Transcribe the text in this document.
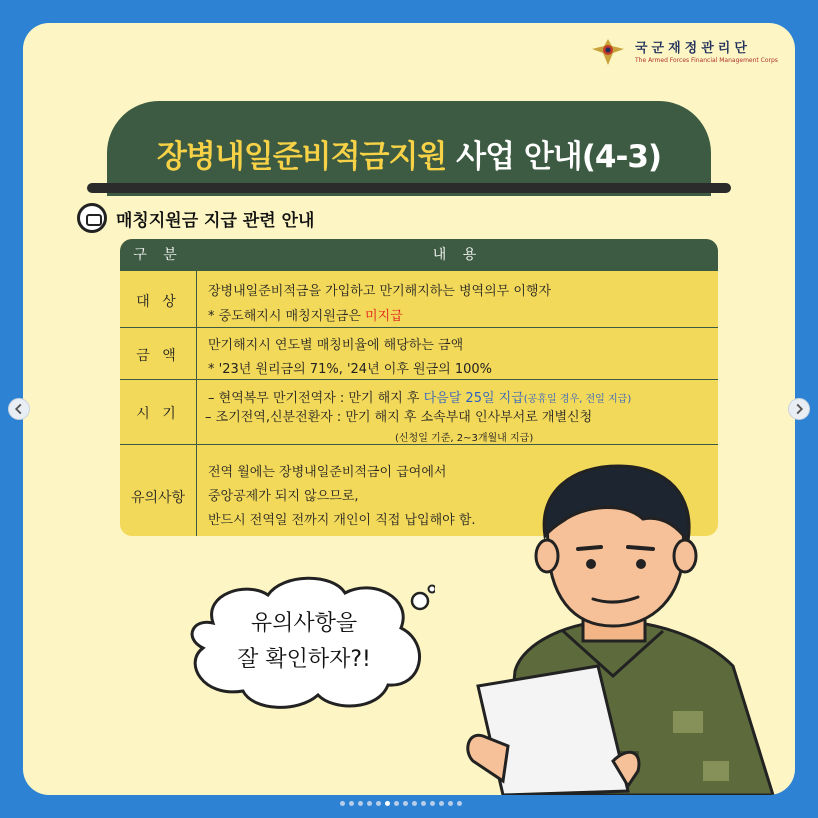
국군재정관리단
The Armed Forces Financial Management Corps
장병내일준비적금지원 사업 안내(4-3)
매칭지원금 지급 관련 안내
구 분	내 용
대 상
장병내일준비적금을 가입하고 만기해지하는 병역의무 이행자
* 중도해지시 매칭지원금은 미지급
금 액
만기해지시 연도별 매칭비율에 해당하는 금액
* '23년 원리금의 71%, '24년 이후 원금의 100%
시 기
– 현역복무 만기전역자 : 만기 해지 후 다음달 25일 지급(공휴일 경우, 전일 지급)
– 조기전역,신분전환자 : 만기 해지 후 소속부대 인사부서로 개별신청
(신청일 기준, 2~3개월내 지급)
유의사항
전역 월에는 장병내일준비적금이 급여에서
중앙공제가 되지 않으므로,
반드시 전역일 전까지 개인이 직접 납입해야 함.
유의사항을
잘 확인하자?!
